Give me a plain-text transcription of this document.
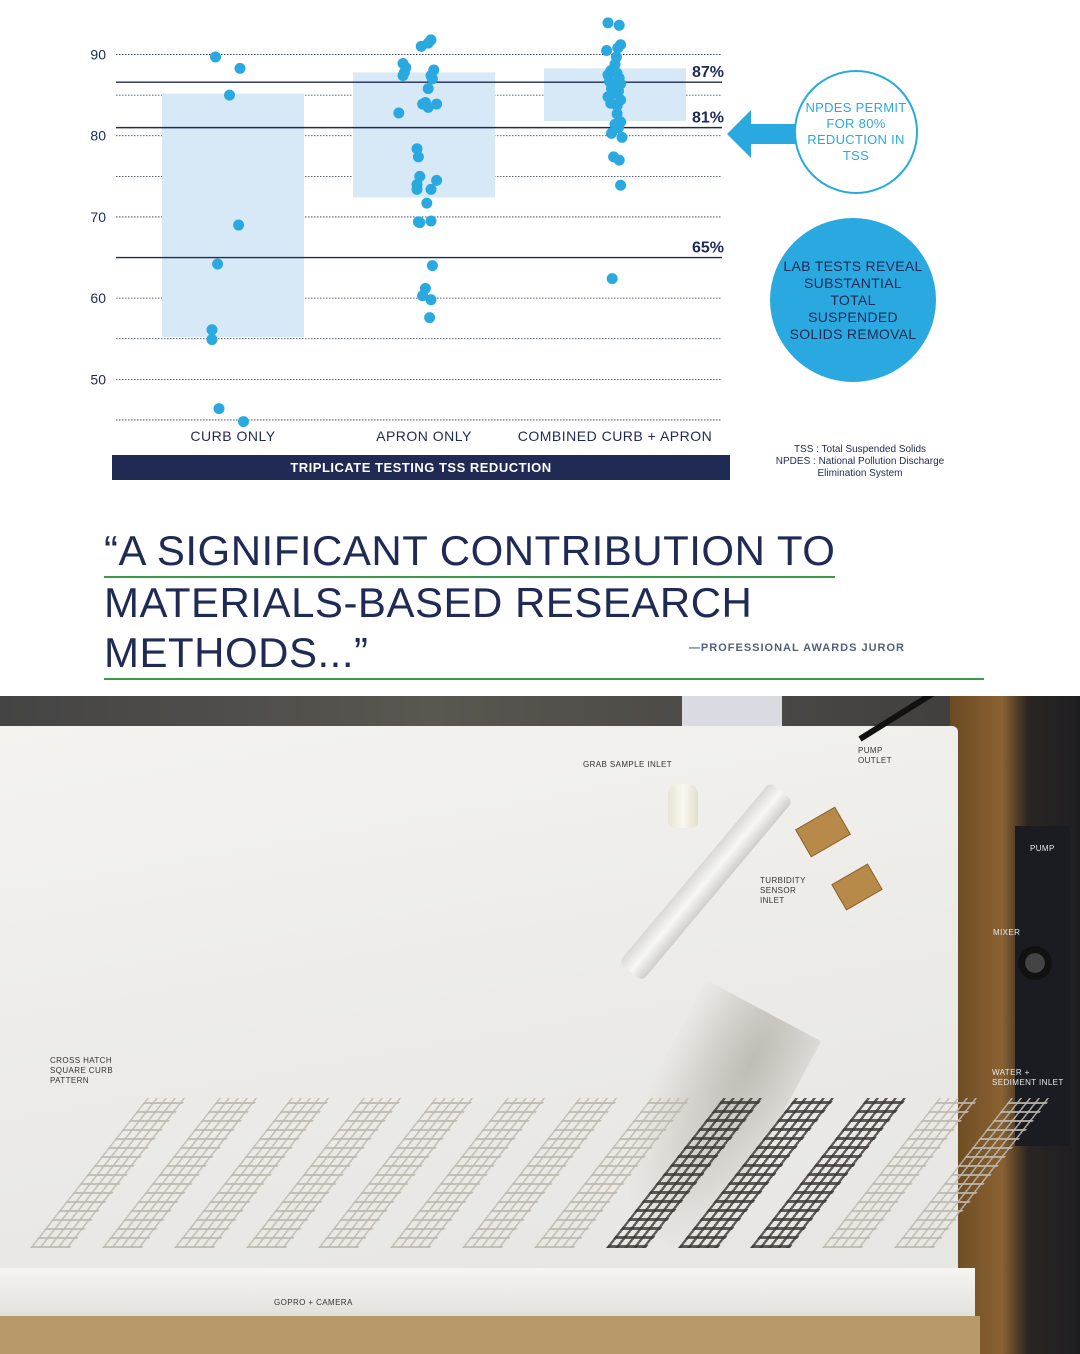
87%
81%
65%
50
60
70
80
90
CURB ONLY	APRON ONLY	COMBINED CURB + APRON
TRIPLICATE TESTING TSS REDUCTION
NPDES PERMIT
FOR 80%
REDUCTION IN
TSS
LAB TESTS REVEAL
SUBSTANTIAL
TOTAL
SUSPENDED
SOLIDS REMOVAL
TSS : Total Suspended Solids
NPDES : National Pollution Discharge
Elimination System
“A SIGNIFICANT CONTRIBUTION TO
MATERIALS-BASED RESEARCH METHODS...”	—PROFESSIONAL AWARDS JUROR
GRAB SAMPLE INLET
PUMP
OUTLET
TURBIDITY
SENSOR
INLET
PUMP
MIXER
WATER +
SEDIMENT INLET
CROSS HATCH
SQUARE CURB
PATTERN
GOPRO + CAMERA
